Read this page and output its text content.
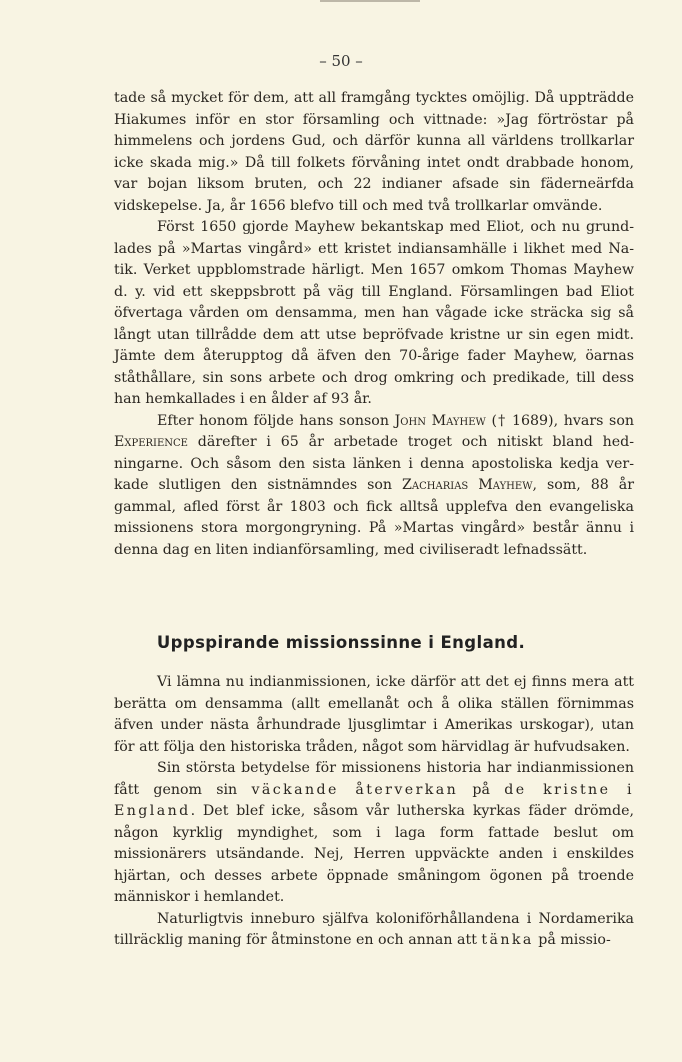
– 50 –

tade så mycket för dem, att all framgång tycktes omöjlig. Då uppträdde Hiakumes inför en stor församling och vittnade: »Jag förtröstar på himmelens och jordens Gud, och därför kunna all världens trollkarlar icke skada mig.» Då till folkets förvåning intet ondt drabbade honom, var bojan liksom bruten, och 22 indianer afsade sin fäderneärfda vidskepelse. Ja, år 1656 blefvo till och med två trollkarlar omvände.

Först 1650 gjorde Mayhew bekantskap med Eliot, och nu grundlades på »Martas vingård» ett kristet indiansamhälle i likhet med Natik. Verket uppblomstrade härligt. Men 1657 omkom Thomas Mayhew d. y. vid ett skeppsbrott på väg till England. Församlingen bad Eliot öfvertaga vården om densamma, men han vågade icke sträcka sig så långt utan tillrådde dem att utse bepröfvade kristne ur sin egen midt. Jämte dem återupptog då äfven den 70-årige fader Mayhew, öarnas ståthållare, sin sons arbete och drog omkring och predikade, till dess han hemkallades i en ålder af 93 år.

Efter honom följde hans sonson John Mayhew († 1689), hvars son Experience därefter i 65 år arbetade troget och nitiskt bland hedningarne. Och såsom den sista länken i denna apostoliska kedja verkade slutligen den sistnämndes son Zacharias Mayhew, som, 88 år gammal, afled först år 1803 och fick alltså upplefva den evangeliska missionens stora morgongryning. På »Martas vingård» består ännu i denna dag en liten indianförsamling, med civiliseradt lefnadssätt.

Uppspirande missionssinne i England.

Vi lämna nu indianmissionen, icke därför att det ej finns mera att berätta om densamma (allt emellanåt och å olika ställen förnimmas äfven under nästa århundrade ljusglimtar i Amerikas urskogar), utan för att följa den historiska tråden, något som härvidlag är hufvudsaken.

Sin största betydelse för missionens historia har indianmissionen fått genom sin väckande återverkan på de kristne i England. Det blef icke, såsom vår lutherska kyrkas fäder drömde, någon kyrklig myndighet, som i laga form fattade beslut om missionärers utsändande. Nej, Herren uppväckte anden i enskildes hjärtan, och desses arbete öppnade småningom ögonen på troende människor i hemlandet.

Naturligtvis inneburo själfva koloniförhållandena i Nordamerika tillräcklig maning för åtminstone en och annan att tänka på missio-
